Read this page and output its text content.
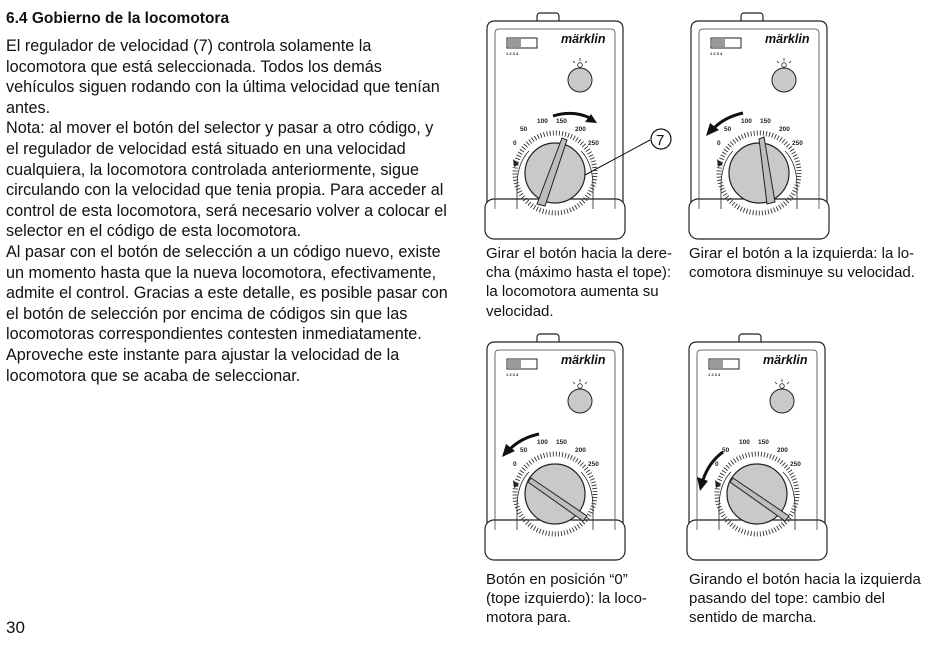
6.4 Gobierno de la locomotora

El regulador de velocidad (7) controla solamente la locomotora que está seleccionada. Todos los demás vehículos siguen rodando con la última velocidad que tenían antes.

Nota: al mover el botón del selector y pasar a otro código, y el regulador de velocidad está situado en una velocidad cualquiera, la locomotora controlada anteriormente, sigue circulando con la velocidad que tenia propia. Para acceder al control de esta locomotora, será necesario volver a colocar el selector en el código de esta locomotora.

Al pasar con el botón de selección a un código nuevo, existe un momento hasta que la nueva locomotora, efectivamente, admite el control. Gracias a este detalle, es posible pasar con el botón de selección por encima de códigos sin que las locomotoras correspondientes contesten inmediatamente. Aproveche este instante para ajustar la velocidad de la locomotora que se acaba de seleccionar.

30
1 2 3 4
0
50
100 150
200
250
märklin
7
1 2 3 4
0
50
100 150
200
250
märklin
1 2 3 4
0
50
100 150
200
250
märklin
1 2 3 4
0
50
100 150
200
250
märklin
Girar el botón hacia la dere-
cha (máximo hasta el tope):
la locomotora aumenta su
velocidad.
Girar el botón a la izquierda: la lo-
comotora disminuye su velocidad.
Botón en posición “0”
(tope izquierdo): la loco-
motora para.
Girando el botón hacia la izquierda
pasando del tope: cambio del
sentido de marcha.
